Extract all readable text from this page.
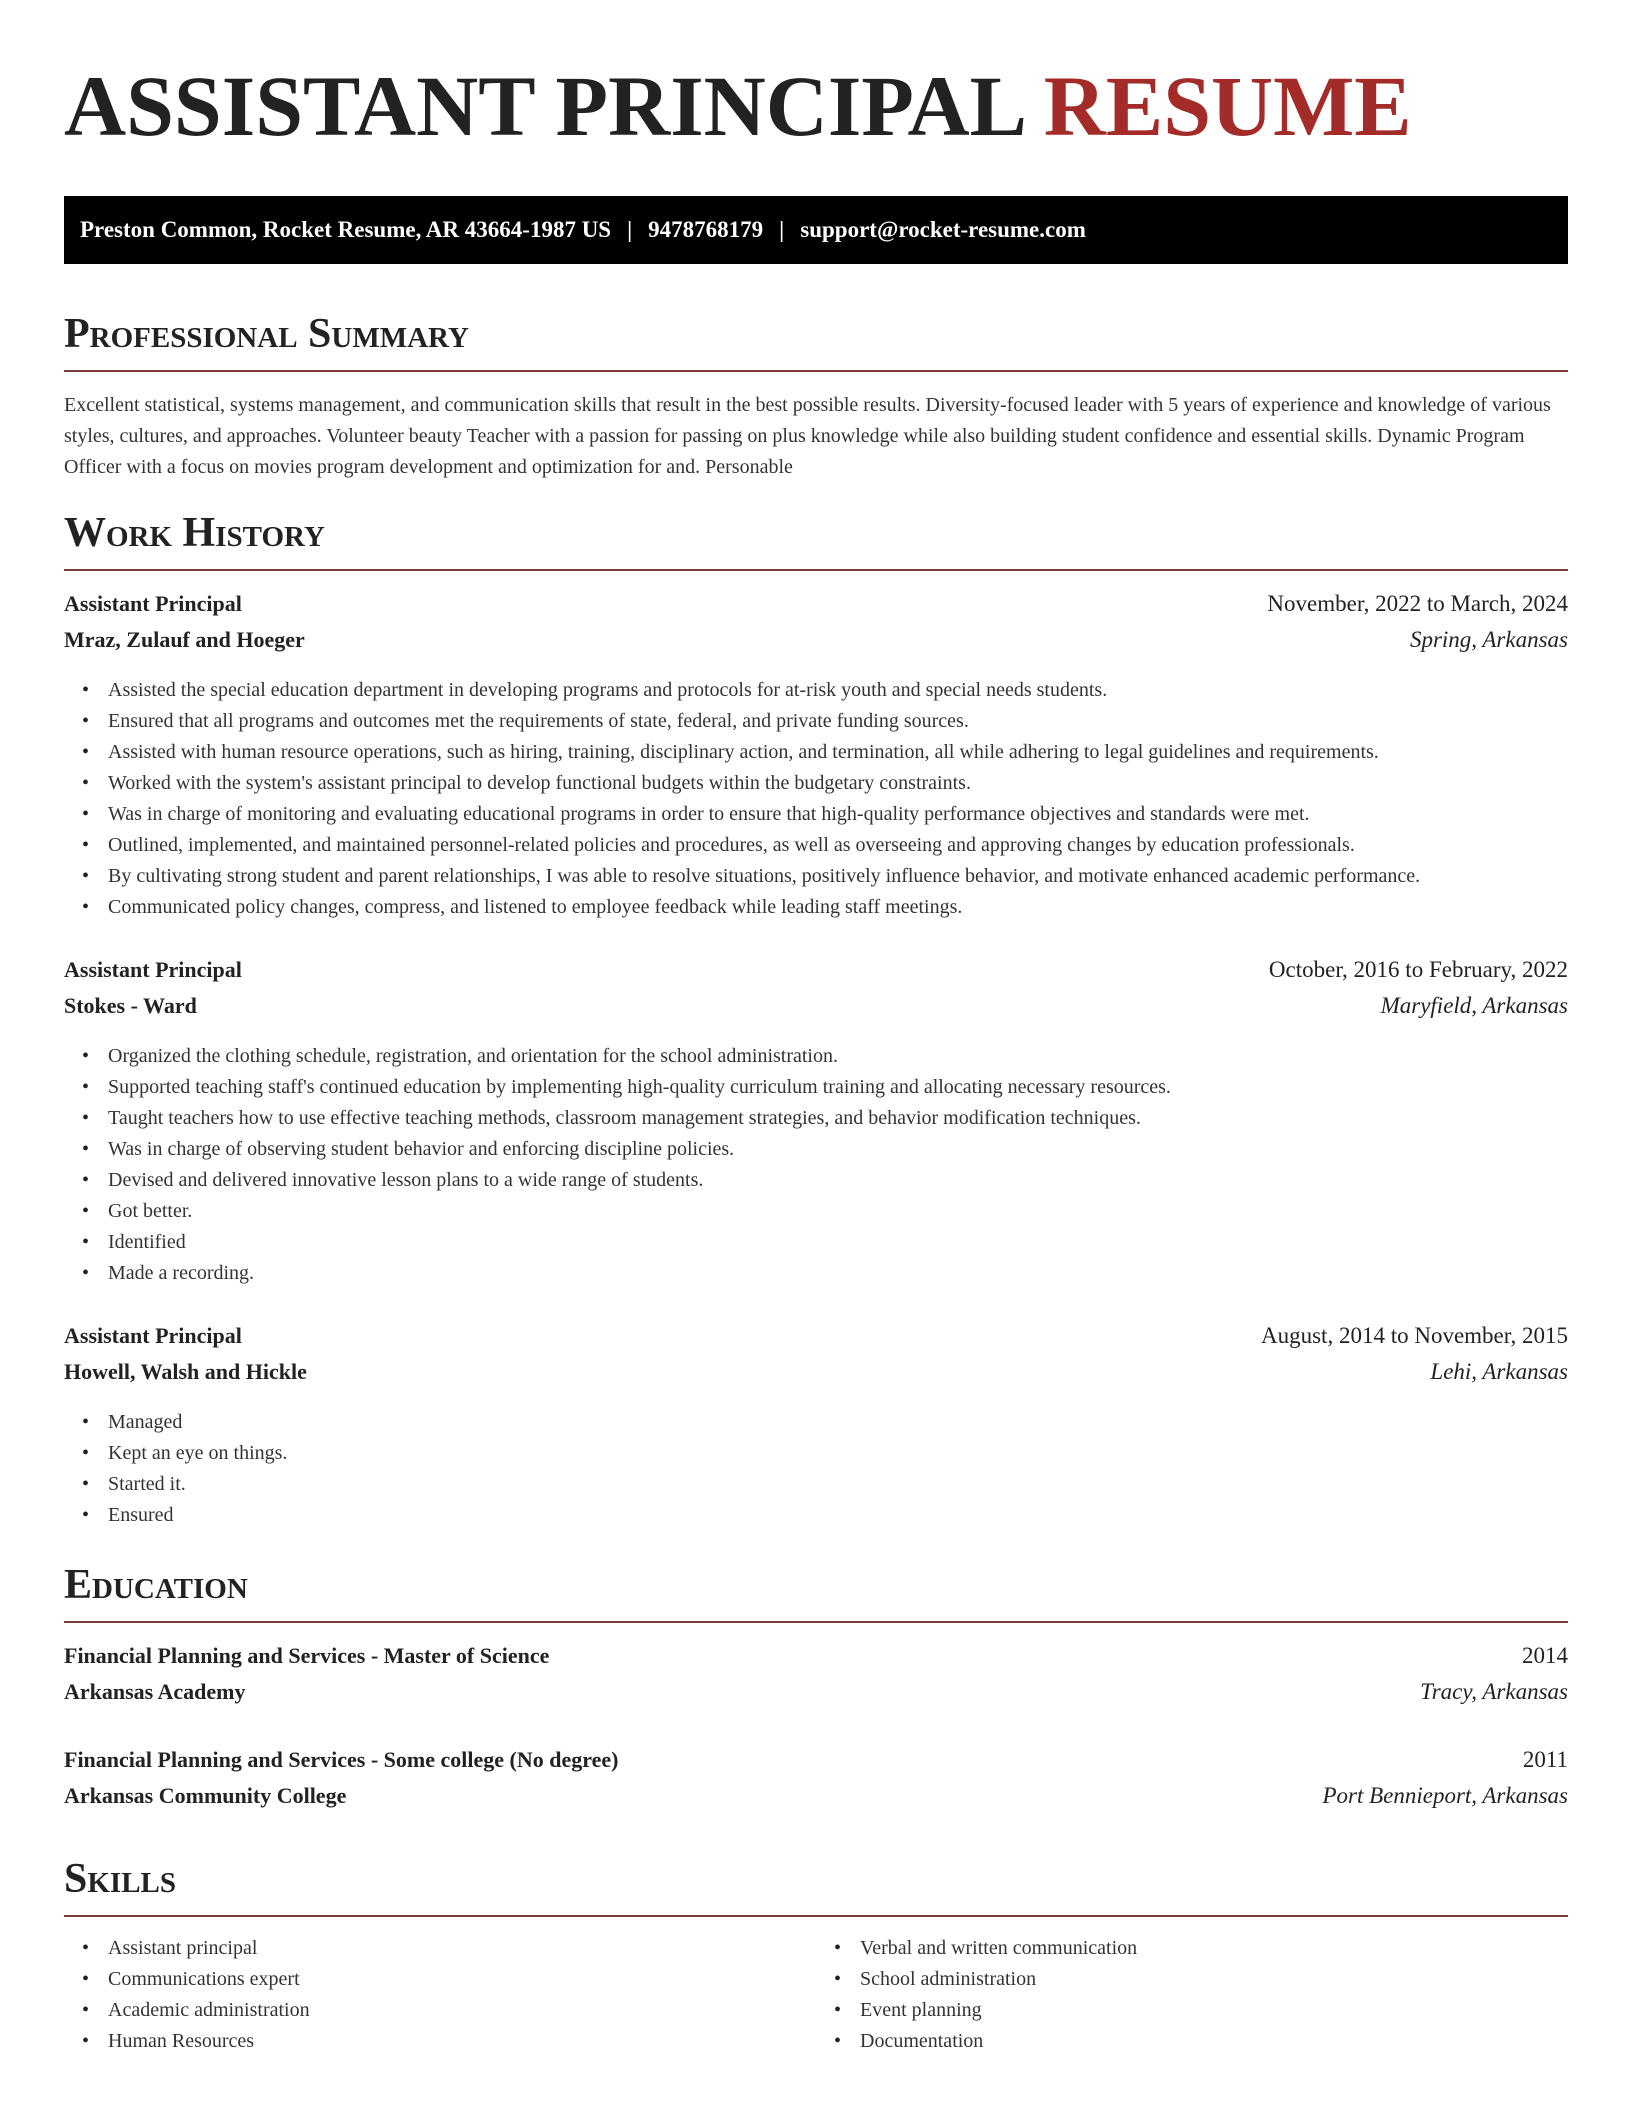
ASSISTANT PRINCIPAL RESUME
Preston Common, Rocket Resume, AR 43664-1987 US | 9478768179 | support@rocket-resume.com
Professional Summary

Excellent statistical, systems management, and communication skills that result in the best possible results. Diversity-focused leader with 5 years of experience and knowledge of various styles, cultures, and approaches. Volunteer beauty Teacher with a passion for passing on plus knowledge while also building student confidence and essential skills. Dynamic Program Officer with a focus on movies program development and optimization for and. Personable

Work History
Assistant Principal	November, 2022 to March, 2024
Mraz, Zulauf and Hoeger	Spring, Arkansas
• Assisted the special education department in developing programs and protocols for at-risk youth and special needs students.
• Ensured that all programs and outcomes met the requirements of state, federal, and private funding sources.
• Assisted with human resource operations, such as hiring, training, disciplinary action, and termination, all while adhering to legal guidelines and requirements.
• Worked with the system's assistant principal to develop functional budgets within the budgetary constraints.
• Was in charge of monitoring and evaluating educational programs in order to ensure that high-quality performance objectives and standards were met.
• Outlined, implemented, and maintained personnel-related policies and procedures, as well as overseeing and approving changes by education professionals.
• By cultivating strong student and parent relationships, I was able to resolve situations, positively influence behavior, and motivate enhanced academic performance.
• Communicated policy changes, compress, and listened to employee feedback while leading staff meetings.
Assistant Principal	October, 2016 to February, 2022
Stokes - Ward	Maryfield, Arkansas
• Organized the clothing schedule, registration, and orientation for the school administration.
• Supported teaching staff's continued education by implementing high-quality curriculum training and allocating necessary resources.
• Taught teachers how to use effective teaching methods, classroom management strategies, and behavior modification techniques.
• Was in charge of observing student behavior and enforcing discipline policies.
• Devised and delivered innovative lesson plans to a wide range of students.
• Got better.
• Identified
• Made a recording.
Assistant Principal	August, 2014 to November, 2015
Howell, Walsh and Hickle	Lehi, Arkansas
• Managed
• Kept an eye on things.
• Started it.
• Ensured
Education
Financial Planning and Services - Master of Science	2014
Arkansas Academy	Tracy, Arkansas
Financial Planning and Services - Some college (No degree)	2011
Arkansas Community College	Port Bennieport, Arkansas
Skills
• Assistant principal
• Communications expert
• Academic administration
• Human Resources
• Verbal and written communication
• School administration
• Event planning
• Documentation
